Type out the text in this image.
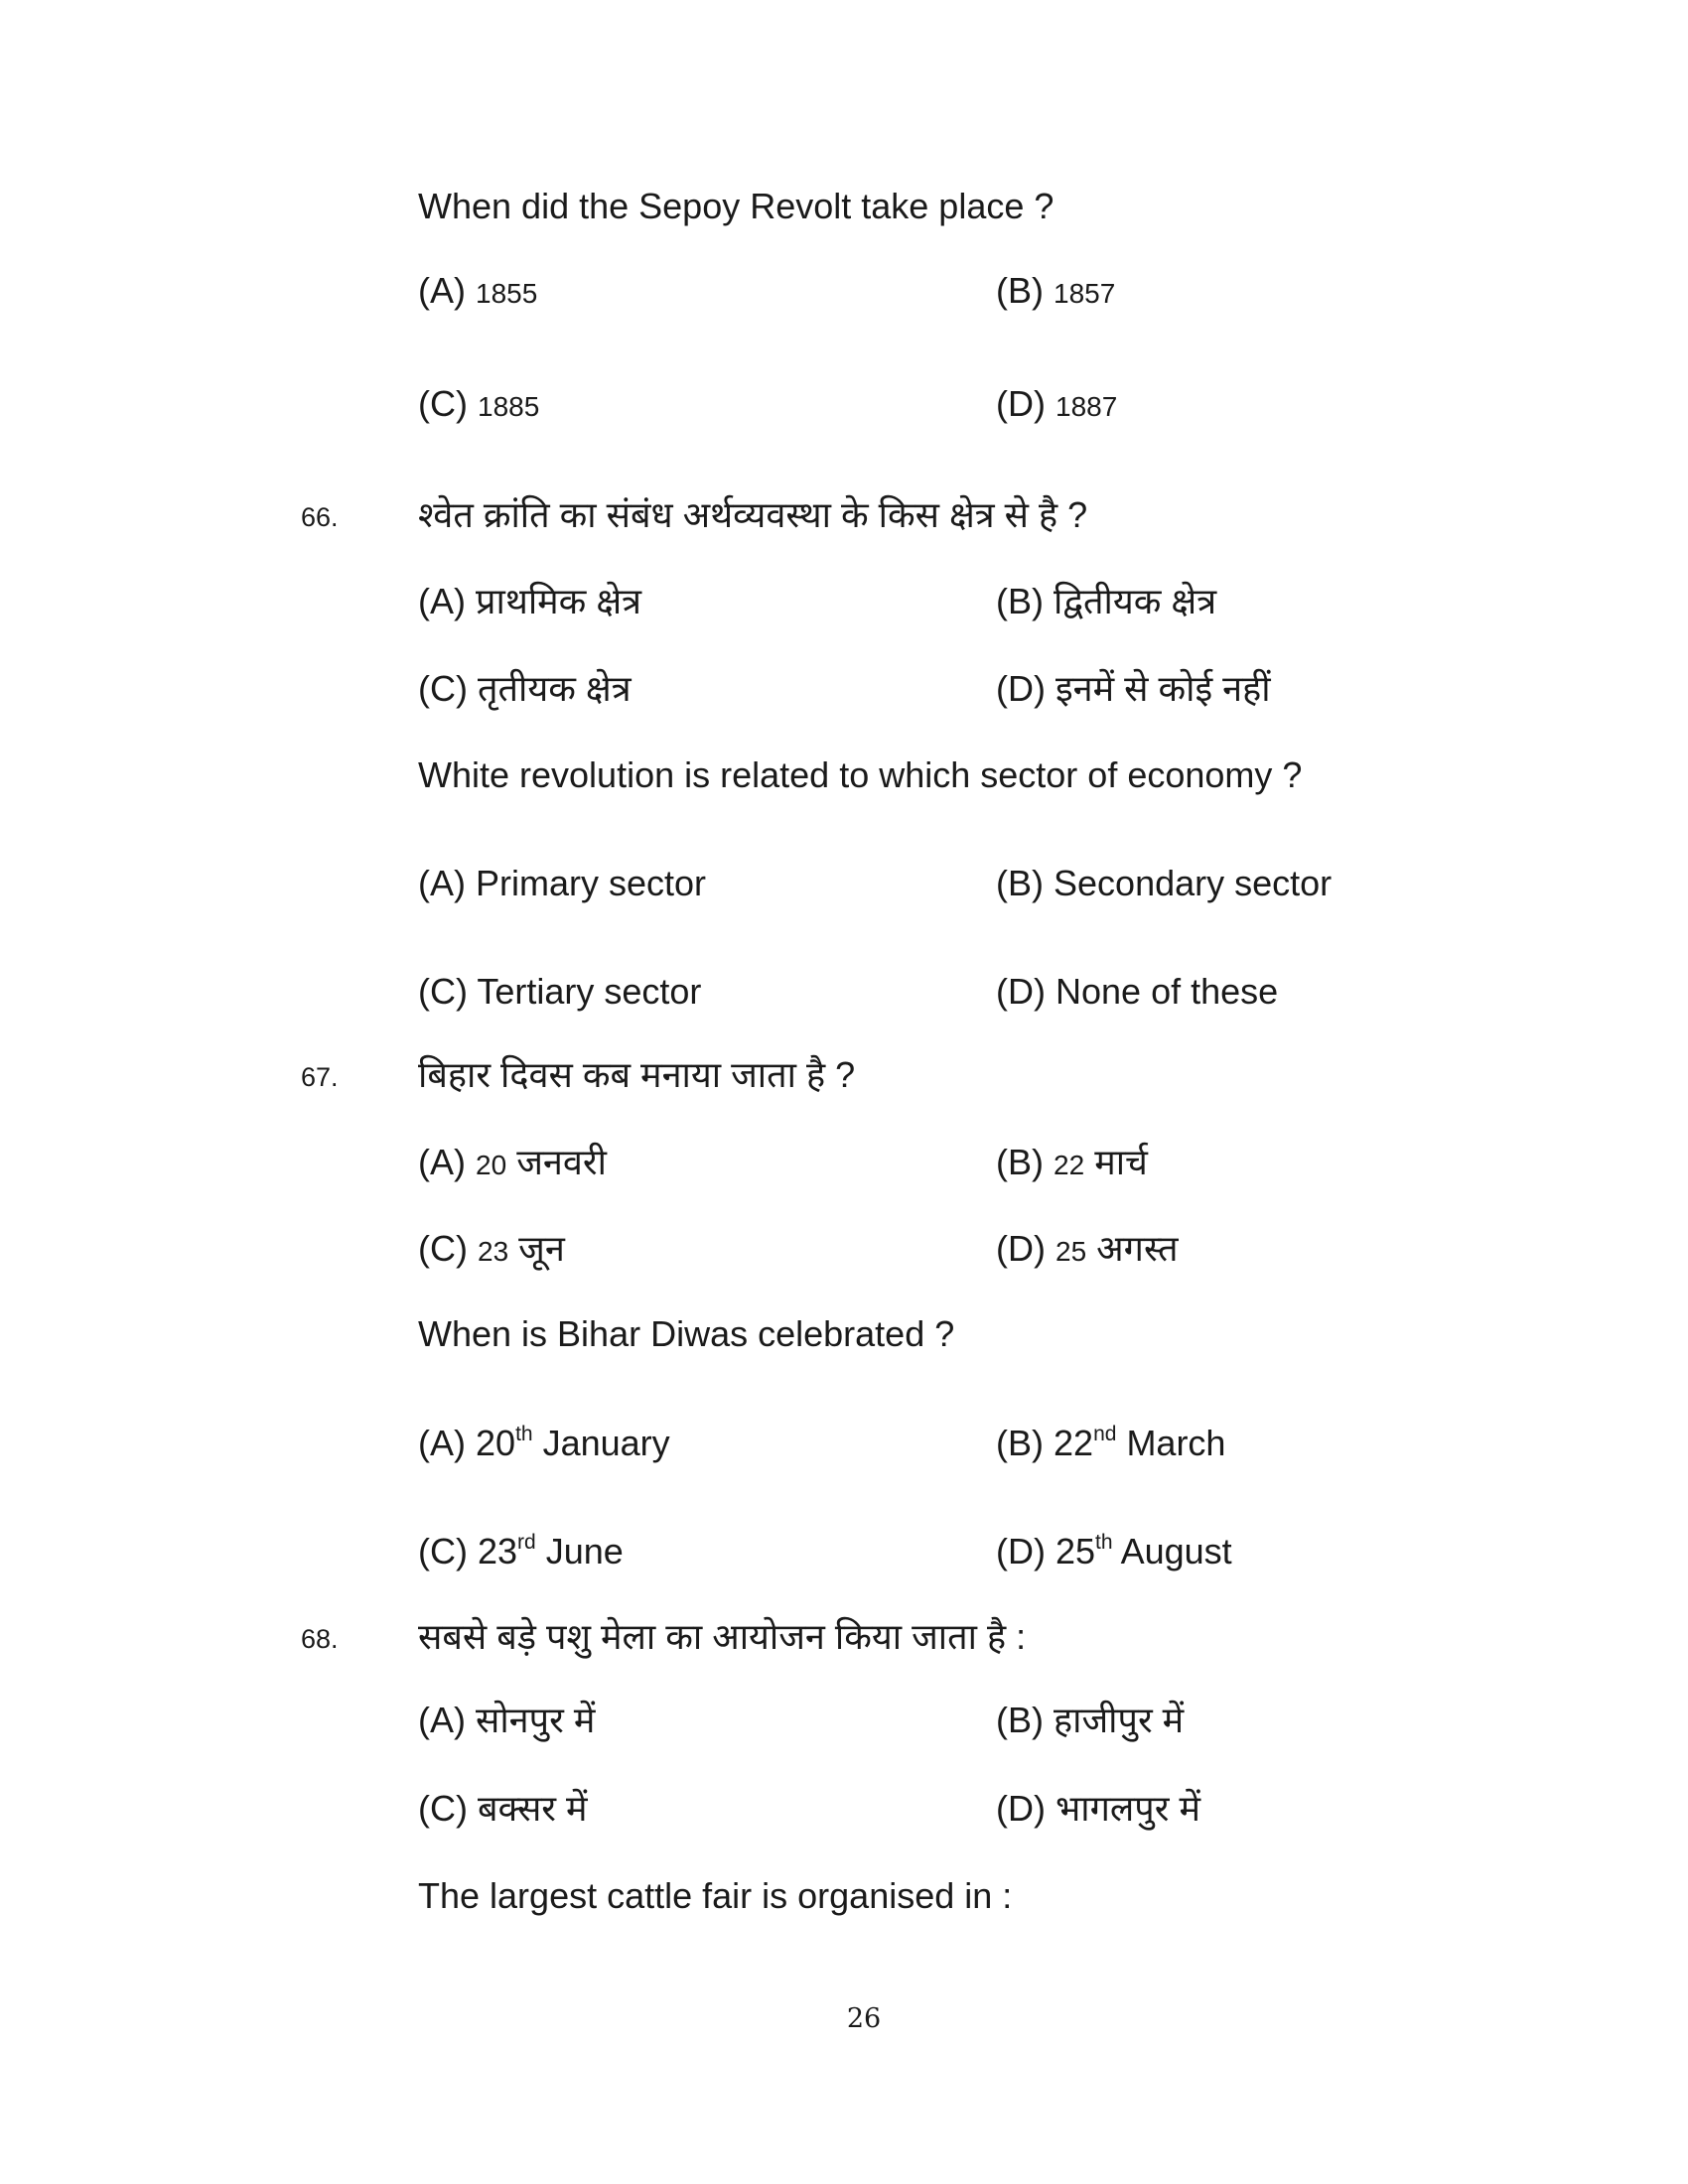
When did the Sepoy Revolt take place ?
(A) 1855	(B) 1857
(C) 1885	(D) 1887
66. श्वेत क्रांति का संबंध अर्थव्यवस्था के किस क्षेत्र से है ?
(A) प्राथमिक क्षेत्र	(B) द्वितीयक क्षेत्र
(C) तृतीयक क्षेत्र	(D) इनमें से कोई नहीं
White revolution is related to which sector of economy ?
(A) Primary sector	(B) Secondary sector
(C) Tertiary sector	(D) None of these
67. बिहार दिवस कब मनाया जाता है ?
(A) 20 जनवरी	(B) 22 मार्च
(C) 23 जून	(D) 25 अगस्त
When is Bihar Diwas celebrated ?
(A) 20th January	(B) 22nd March
(C) 23rd June	(D) 25th August
68. सबसे बड़े पशु मेला का आयोजन किया जाता है :
(A) सोनपुर में	(B) हाजीपुर में
(C) बक्सर में	(D) भागलपुर में
The largest cattle fair is organised in :
26
